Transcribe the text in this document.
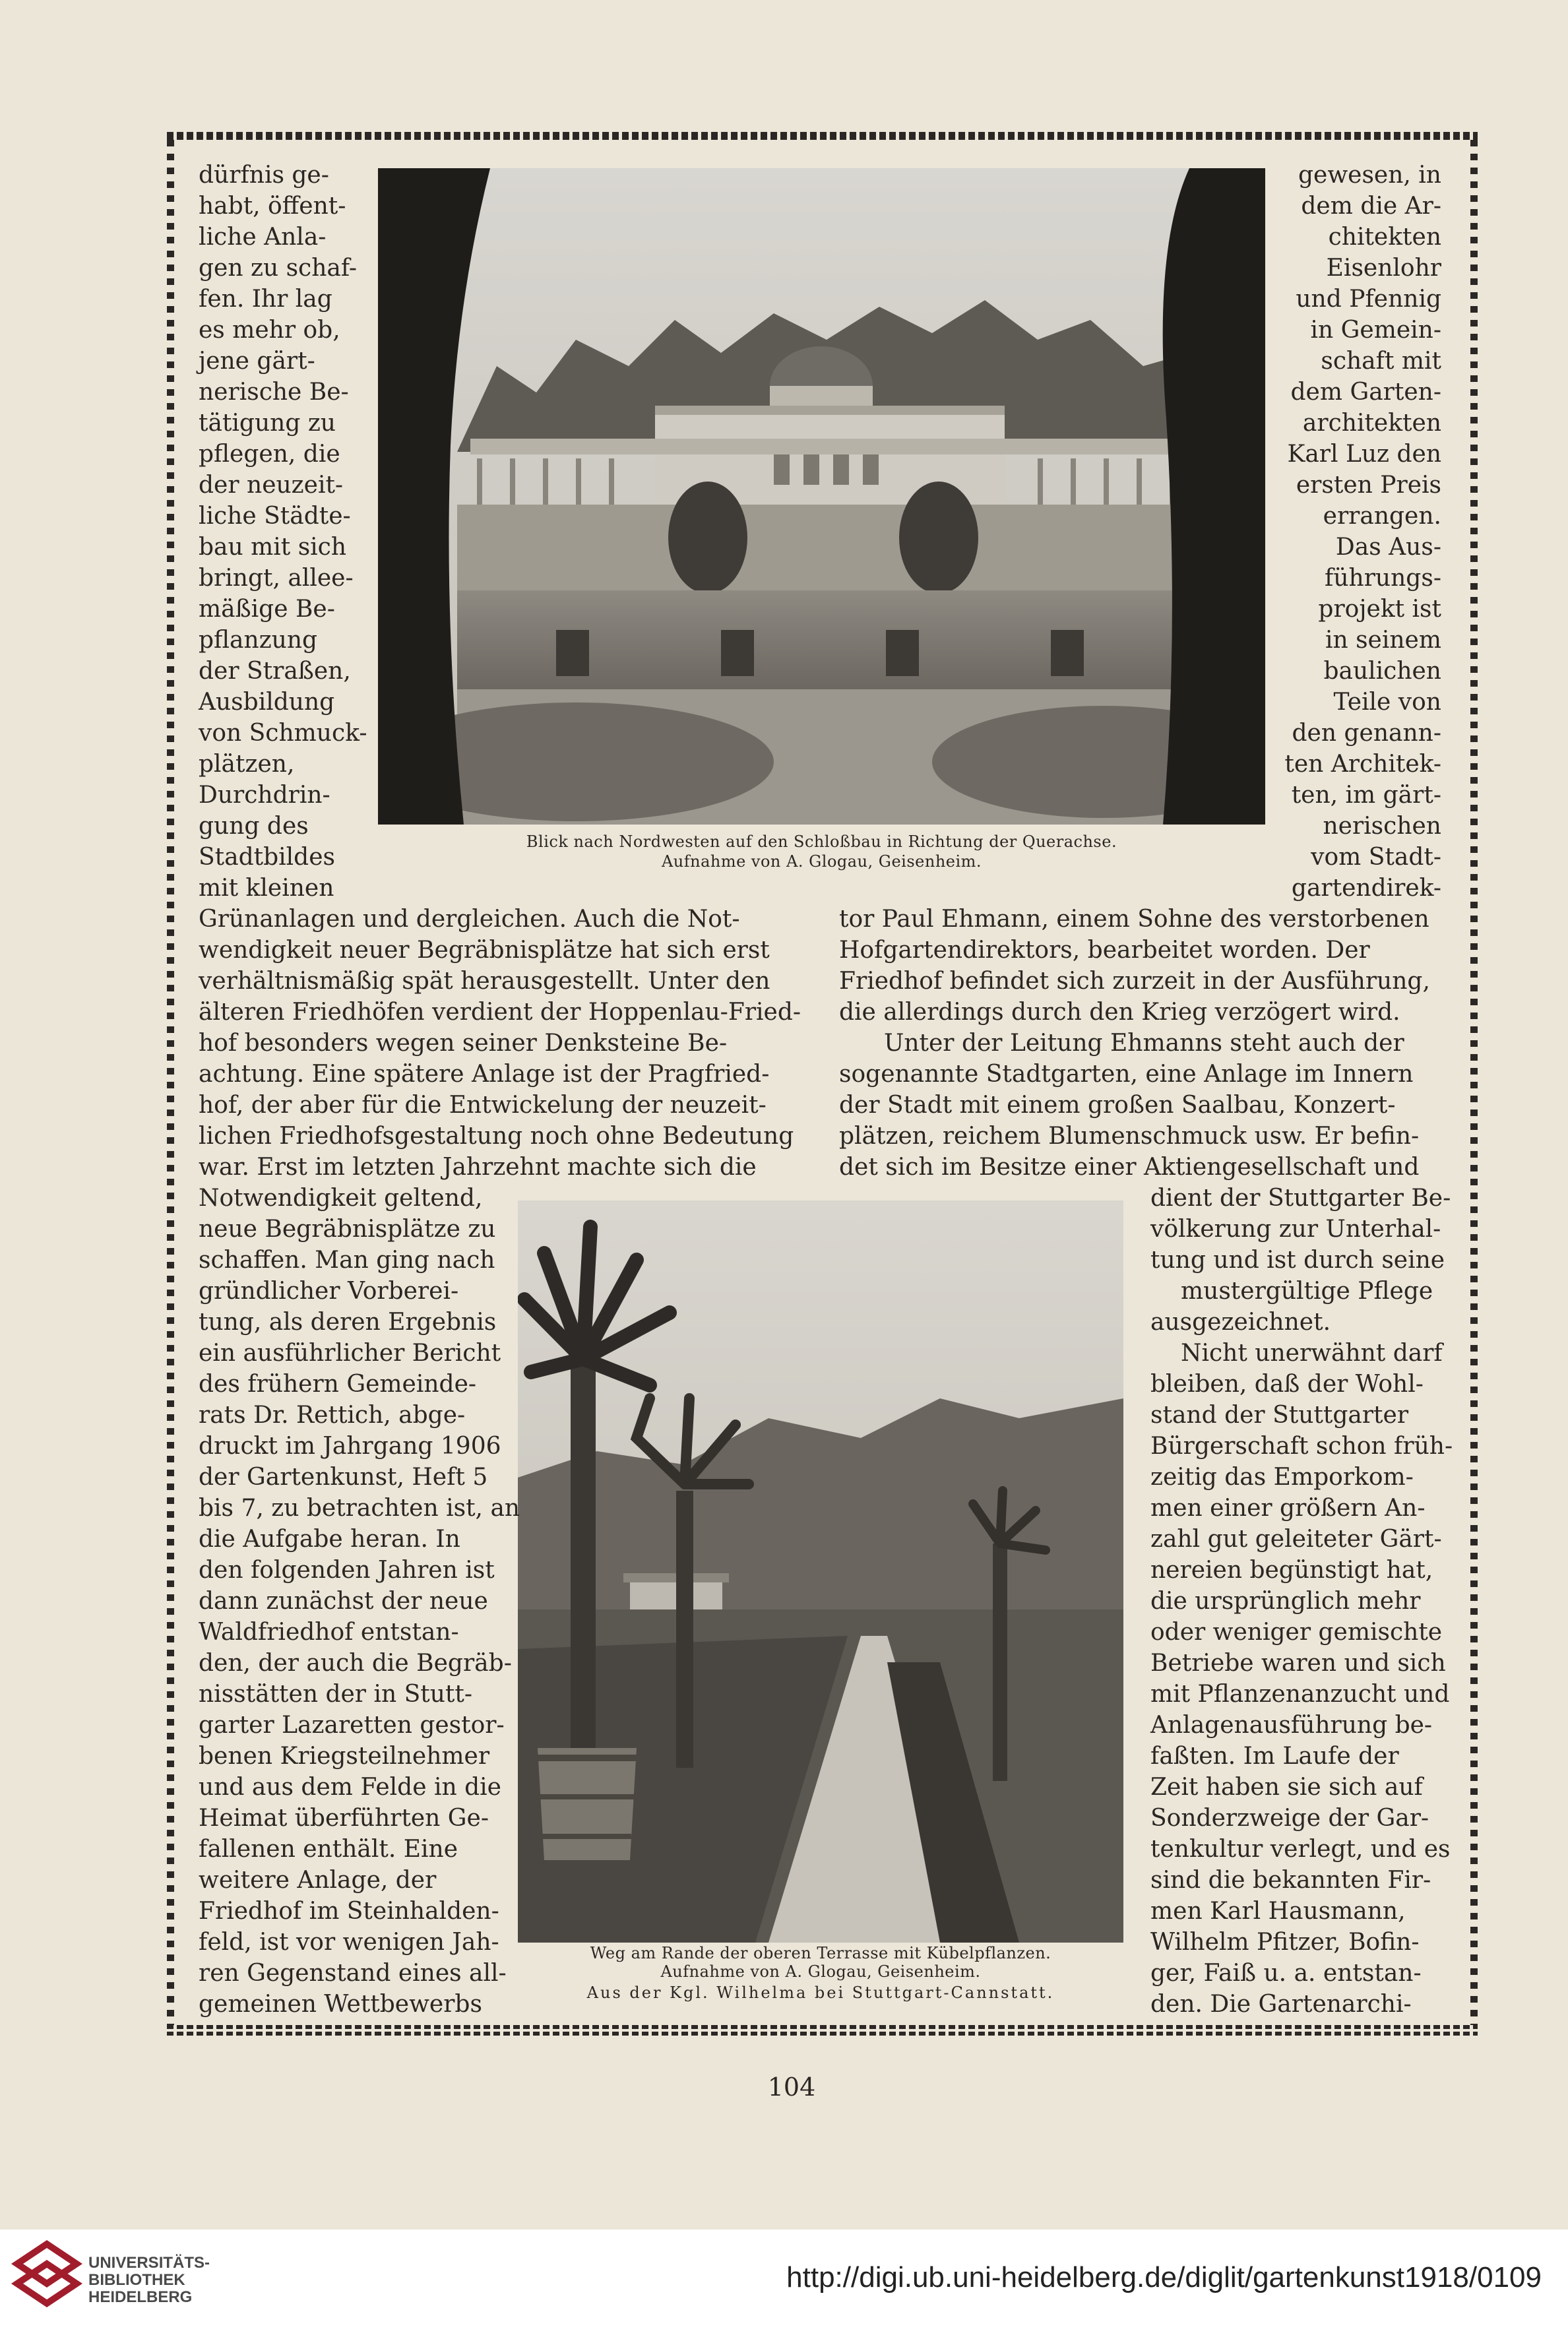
Blick nach Nordwesten auf den Schloßbau in Richtung der Querachse.

Aufnahme von A. Glogau, Geisenheim.

dürfnis ge-

habt, öffent-

liche Anla-

gen zu schaf-

fen. Ihr lag

es mehr ob,

jene gärt-

nerische Be-

tätigung zu

pflegen, die

der neuzeit-

liche Städte-

bau mit sich

bringt, allee-

mäßige Be-

pflanzung

der Straßen,

Ausbildung

von Schmuck-

plätzen,

Durchdrin-

gung des

Stadtbildes

mit kleinen

gewesen, in

dem die Ar-

chitekten

Eisenlohr

und Pfennig

in Gemein-

schaft mit

dem Garten-

architekten

Karl Luz den

ersten Preis

errangen.

Das Aus-

führungs-

projekt ist

in seinem

baulichen

Teile von

den genann-

ten Architek-

ten, im gärt-

nerischen

vom Stadt-

gartendirek-

Grünanlagen und dergleichen. Auch die Not-

wendigkeit neuer Begräbnisplätze hat sich erst

verhältnismäßig spät herausgestellt. Unter den

älteren Friedhöfen verdient der Hoppenlau-Fried-

hof besonders wegen seiner Denksteine Be-

achtung. Eine spätere Anlage ist der Pragfried-

hof, der aber für die Entwickelung der neuzeit-

lichen Friedhofsgestaltung noch ohne Bedeutung

war. Erst im letzten Jahrzehnt machte sich die

tor Paul Ehmann, einem Sohne des verstorbenen

Hofgartendirektors, bearbeitet worden. Der

Friedhof befindet sich zurzeit in der Ausführung,

die allerdings durch den Krieg verzögert wird.

Unter der Leitung Ehmanns steht auch der

sogenannte Stadtgarten, eine Anlage im Innern

der Stadt mit einem großen Saalbau, Konzert-

plätzen, reichem Blumenschmuck usw. Er befin-

det sich im Besitze einer Aktiengesellschaft und

Weg am Rande der oberen Terrasse mit Kübelpflanzen.

Aufnahme von A. Glogau, Geisenheim.

Aus der Kgl. Wilhelma bei Stuttgart-Cannstatt.

Notwendigkeit geltend,

neue Begräbnisplätze zu

schaffen. Man ging nach

gründlicher Vorberei-

tung, als deren Ergebnis

ein ausführlicher Bericht

des frühern Gemeinde-

rats Dr. Rettich, abge-

druckt im Jahrgang 1906

der Gartenkunst, Heft 5

bis 7, zu betrachten ist, an

die Aufgabe heran. In

den folgenden Jahren ist

dann zunächst der neue

Waldfriedhof entstan-

den, der auch die Begräb-

nisstätten der in Stutt-

garter Lazaretten gestor-

benen Kriegsteilnehmer

und aus dem Felde in die

Heimat überführten Ge-

fallenen enthält. Eine

weitere Anlage, der

Friedhof im Steinhalden-

feld, ist vor wenigen Jah-

ren Gegenstand eines all-

gemeinen Wettbewerbs

dient der Stuttgarter Be-

völkerung zur Unterhal-

tung und ist durch seine

mustergültige Pflege

ausgezeichnet.

Nicht unerwähnt darf

bleiben, daß der Wohl-

stand der Stuttgarter

Bürgerschaft schon früh-

zeitig das Emporkom-

men einer größern An-

zahl gut geleiteter Gärt-

nereien begünstigt hat,

die ursprünglich mehr

oder weniger gemischte

Betriebe waren und sich

mit Pflanzenanzucht und

Anlagenausführung be-

faßten. Im Laufe der

Zeit haben sie sich auf

Sonderzweige der Gar-

tenkultur verlegt, und es

sind die bekannten Fir-

men Karl Hausmann,

Wilhelm Pfitzer, Bofin-

ger, Faiß u. a. entstan-

den. Die Gartenarchi-

104

UNIVERSITÄTS-

BIBLIOTHEK

HEIDELBERG

http://digi.ub.uni-heidelberg.de/diglit/gartenkunst1918/0109
